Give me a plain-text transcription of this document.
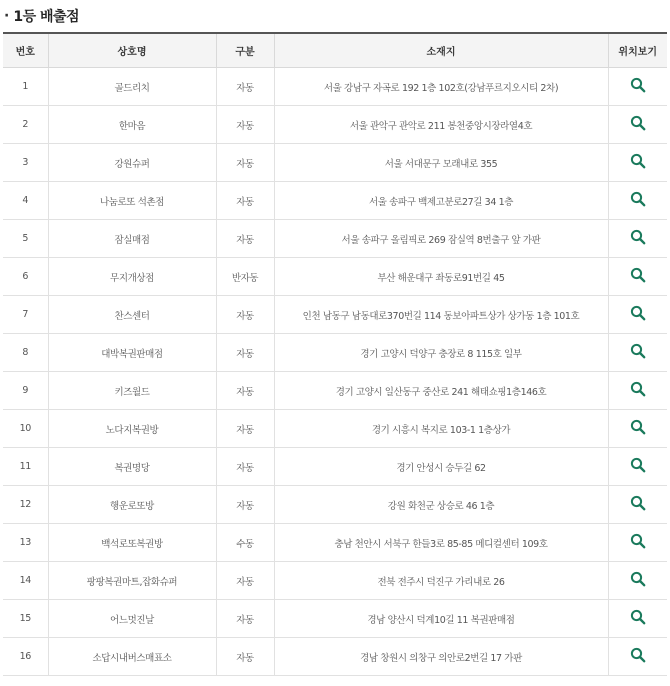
· 1등 배출점
번호	상호명	구분	소재지	위치보기
1	골드리치	자동	서울 강남구 자곡로 192 1층 102호(강남푸르지오시티 2차)	
2	한마음	자동	서울 관악구 관악로 211 봉천중앙시장라열4호	
3	강원슈퍼	자동	서울 서대문구 모래내로 355	
4	나눔로또 석촌점	자동	서울 송파구 백제고분로27길 34 1층	
5	잠실매점	자동	서울 송파구 올림픽로 269 잠실역 8번출구 앞 가판	
6	무지개상점	반자동	부산 해운대구 좌동로91번길 45	
7	찬스센터	자동	인천 남동구 남동대로370번길 114 동보아파트상가 상가동 1층 101호	
8	대박복권판매점	자동	경기 고양시 덕양구 충장로 8 115호 일부	
9	키즈월드	자동	경기 고양시 일산동구 중산로 241 해태쇼핑1층146호	
10	노다지복권방	자동	경기 시흥시 복지로 103-1 1층상가	
11	복권명당	자동	경기 안성시 승두길 62	
12	행운로또방	자동	강원 화천군 상승로 46 1층	
13	백석로또복권방	수동	충남 천안시 서북구 한들3로 85-85 메디컬센터 109호	
14	팡팡복권마트,잡화슈퍼	자동	전북 전주시 덕진구 가리내로 26	
15	어느멋진날	자동	경남 양산시 덕계10길 11 복권판매점	
16	소답시내버스매표소	자동	경남 창원시 의창구 의안로2번길 17 가판	
